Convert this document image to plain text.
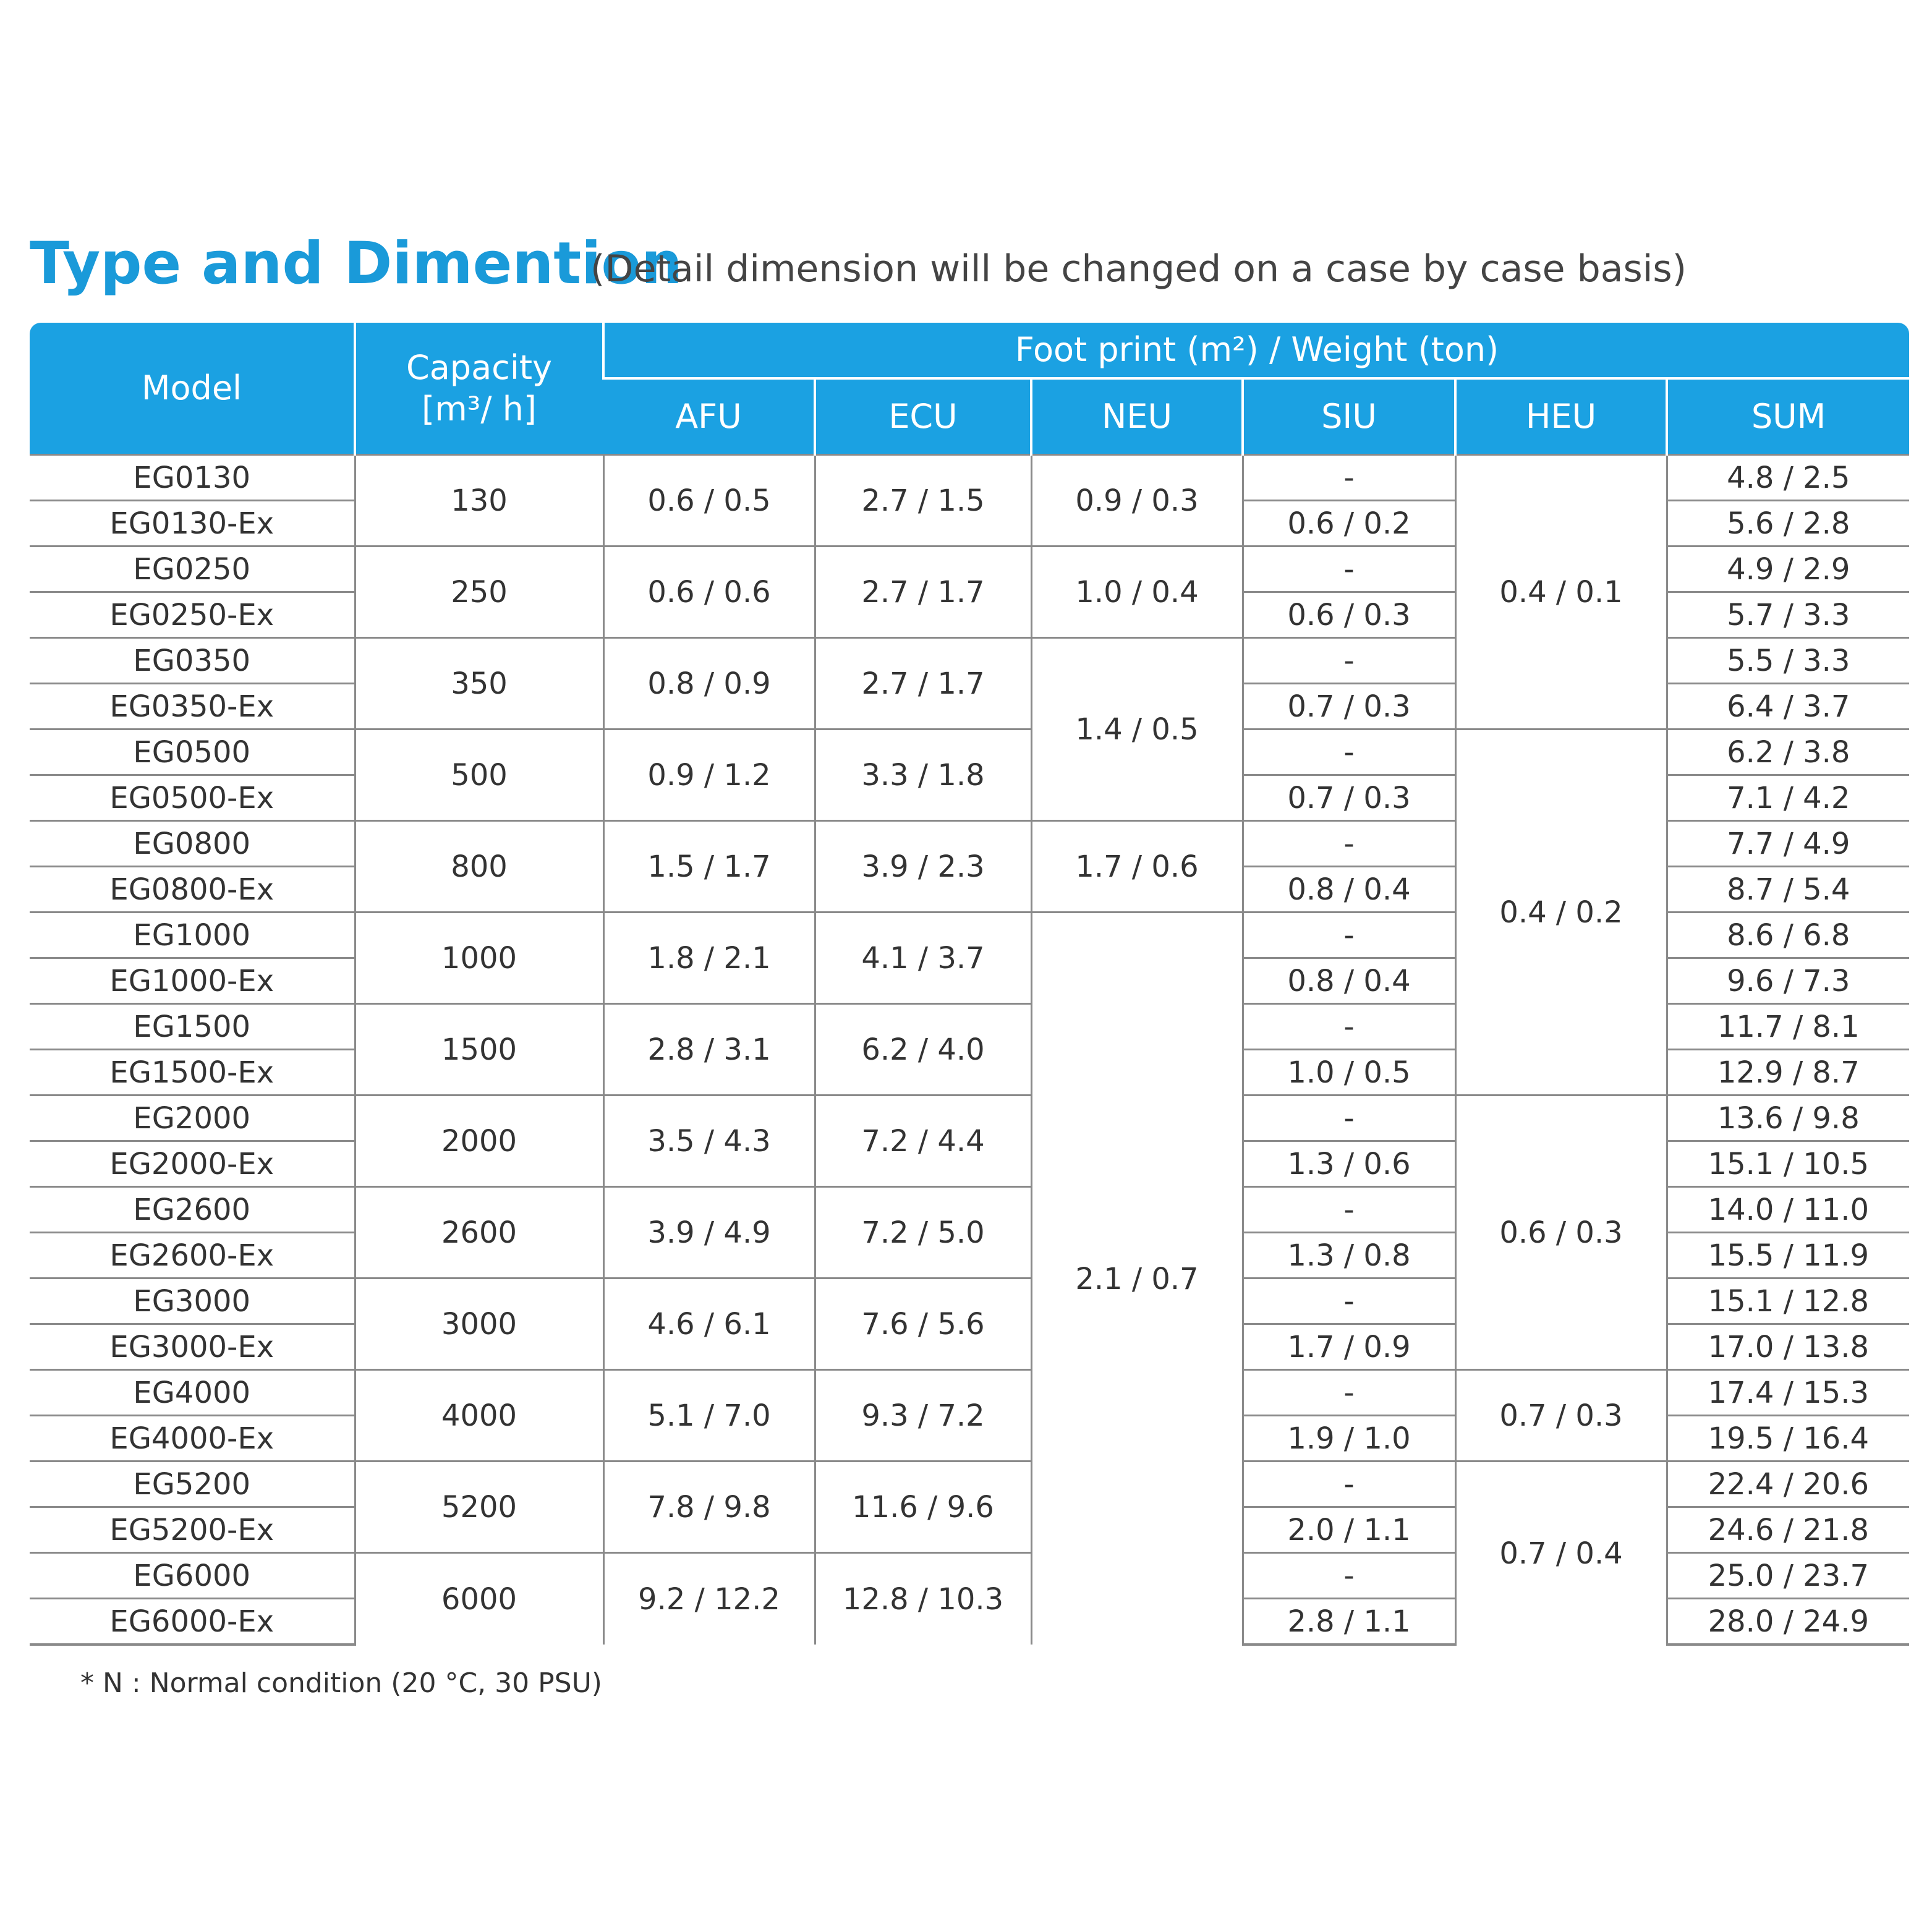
Type and Dimention
(Detail dimension will be changed on a case by case basis)
Model	Capacity
[m³/ h]	Foot print (m²) / Weight (ton)					
		AFU	ECU	NEU	SIU	HEU	SUM
EG0130	130	0.6 / 0.5	2.7 / 1.5	0.9 / 0.3	-	0.4 / 0.1	4.8 / 2.5
EG0130-Ex					0.6 / 0.2		5.6 / 2.8
EG0250	250	0.6 / 0.6	2.7 / 1.7	1.0 / 0.4	-		4.9 / 2.9
EG0250-Ex					0.6 / 0.3		5.7 / 3.3
EG0350	350	0.8 / 0.9	2.7 / 1.7	1.4 / 0.5	-		5.5 / 3.3
EG0350-Ex					0.7 / 0.3		6.4 / 3.7
EG0500	500	0.9 / 1.2	3.3 / 1.8		-	0.4 / 0.2	6.2 / 3.8
EG0500-Ex					0.7 / 0.3		7.1 / 4.2
EG0800	800	1.5 / 1.7	3.9 / 2.3	1.7 / 0.6	-		7.7 / 4.9
EG0800-Ex					0.8 / 0.4		8.7 / 5.4
EG1000	1000	1.8 / 2.1	4.1 / 3.7	2.1 / 0.7	-		8.6 / 6.8
EG1000-Ex					0.8 / 0.4		9.6 / 7.3
EG1500	1500	2.8 / 3.1	6.2 / 4.0		-		11.7 / 8.1
EG1500-Ex					1.0 / 0.5		12.9 / 8.7
EG2000	2000	3.5 / 4.3	7.2 / 4.4		-	0.6 / 0.3	13.6 / 9.8
EG2000-Ex					1.3 / 0.6		15.1 / 10.5
EG2600	2600	3.9 / 4.9	7.2 / 5.0		-		14.0 / 11.0
EG2600-Ex					1.3 / 0.8		15.5 / 11.9
EG3000	3000	4.6 / 6.1	7.6 / 5.6		-		15.1 / 12.8
EG3000-Ex					1.7 / 0.9		17.0 / 13.8
EG4000	4000	5.1 / 7.0	9.3 / 7.2		-	0.7 / 0.3	17.4 / 15.3
EG4000-Ex					1.9 / 1.0		19.5 / 16.4
EG5200	5200	7.8 / 9.8	11.6 / 9.6		-	0.7 / 0.4	22.4 / 20.6
EG5200-Ex					2.0 / 1.1		24.6 / 21.8
EG6000	6000	9.2 / 12.2	12.8 / 10.3		-		25.0 / 23.7
EG6000-Ex					2.8 / 1.1		28.0 / 24.9
* N : Normal condition (20 °C, 30 PSU)
